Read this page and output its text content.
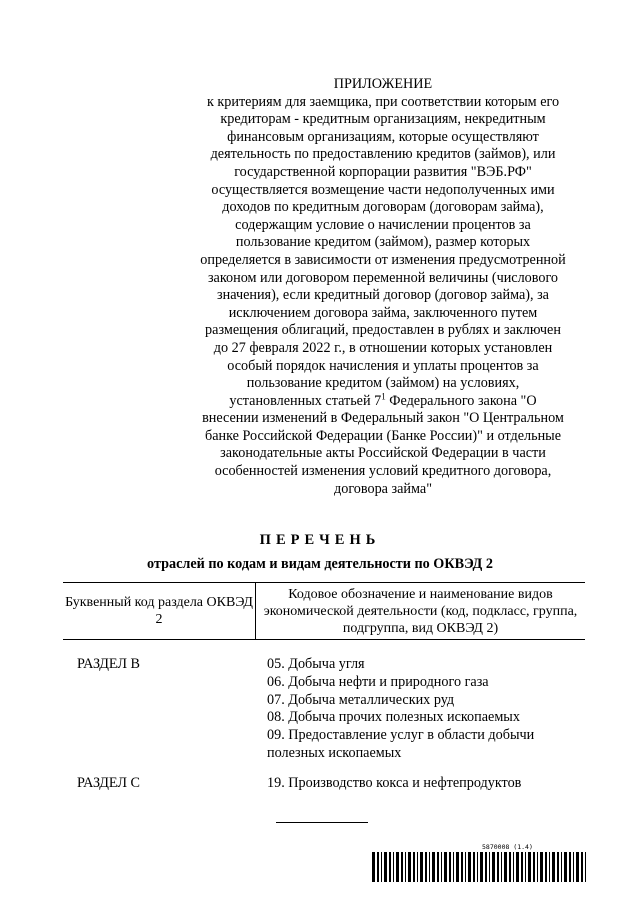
ПРИЛОЖЕНИЕ
к критериям для заемщика, при соответствии которым его кредиторам - кредитным организациям, некредитным финансовым организациям, которые осуществляют деятельность по предоставлению кредитов (займов), или государственной корпорации развития "ВЭБ.РФ" осуществляется возмещение части недополученных ими доходов по кредитным договорам (договорам займа), содержащим условие о начислении процентов за пользование кредитом (займом), размер которых определяется в зависимости от изменения предусмотренной законом или договором переменной величины (числового значения), если кредитный договор (договор займа), за исключением договора займа, заключенного путем размещения облигаций, предоставлен в рублях и заключен до 27 февраля 2022 г., в отношении которых установлен особый порядок начисления и уплаты процентов за пользование кредитом (займом) на условиях, установленных статьей $7^1$ Федерального закона "О внесении изменений в Федеральный закон "О Центральном банке Российской Федерации (Банке России)" и отдельные законодательные акты Российской Федерации в части особенностей изменения условий кредитного договора, договора займа"
ПЕРЕЧЕНЬ
отраслей по кодам и видам деятельности по ОКВЭД 2
Буквенный код раздела ОКВЭД 2
Кодовое обозначение и наименование видов экономической деятельности (код, подкласс, группа, подгруппа, вид ОКВЭД 2)
РАЗДЕЛ В	05. Добыча угля
06. Добыча нефти и природного газа
07. Добыча металлических руд
08. Добыча прочих полезных ископаемых
09. Предоставление услуг в области добычи полезных ископаемых
РАЗДЕЛ С	19. Производство кокса и нефтепродуктов
5870008 (1.4)
